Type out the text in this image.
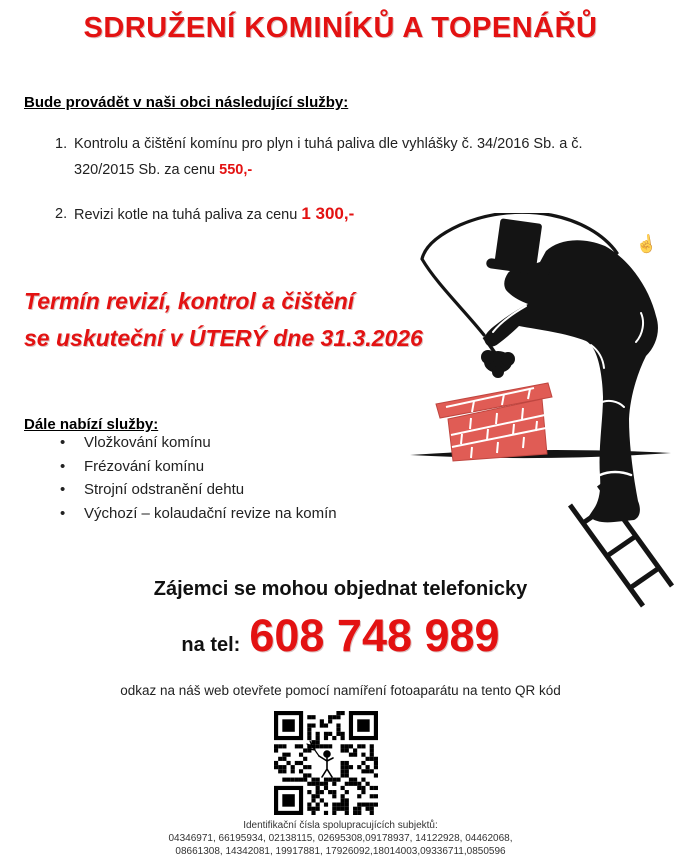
SDRUŽENÍ KOMINÍKŮ A TOPENÁŘŮ
Bude provádět v naši obci následující služby:
1. Kontrolu a čištění komínu pro plyn i tuhá paliva dle vyhlášky č. 34/2016 Sb. a č. 320/2015 Sb. za cenu 550,-
2. Revizi kotle na tuhá paliva za cenu 1 300,-
Termín revizí, kontrol a čištění
se uskuteční v ÚTERÝ dne 31.3.2026
Dále nabízí služby:
•	Vložkování komínu
•	Frézování komínu
•	Strojní odstranění dehtu
•	Výchozí – kolaudační revize na komín
☝
Zájemci se mohou objednat telefonicky
na tel: 608 748 989
odkaz na náš web otevřete pomocí namíření fotoaparátu na tento QR kód
Identifikační čísla spolupracujících subjektů:
04346971, 66195934, 02138115, 02695308,09178937, 14122928, 04462068,
08661308, 14342081, 19917881, 17926092,18014003,09336711,0850596
